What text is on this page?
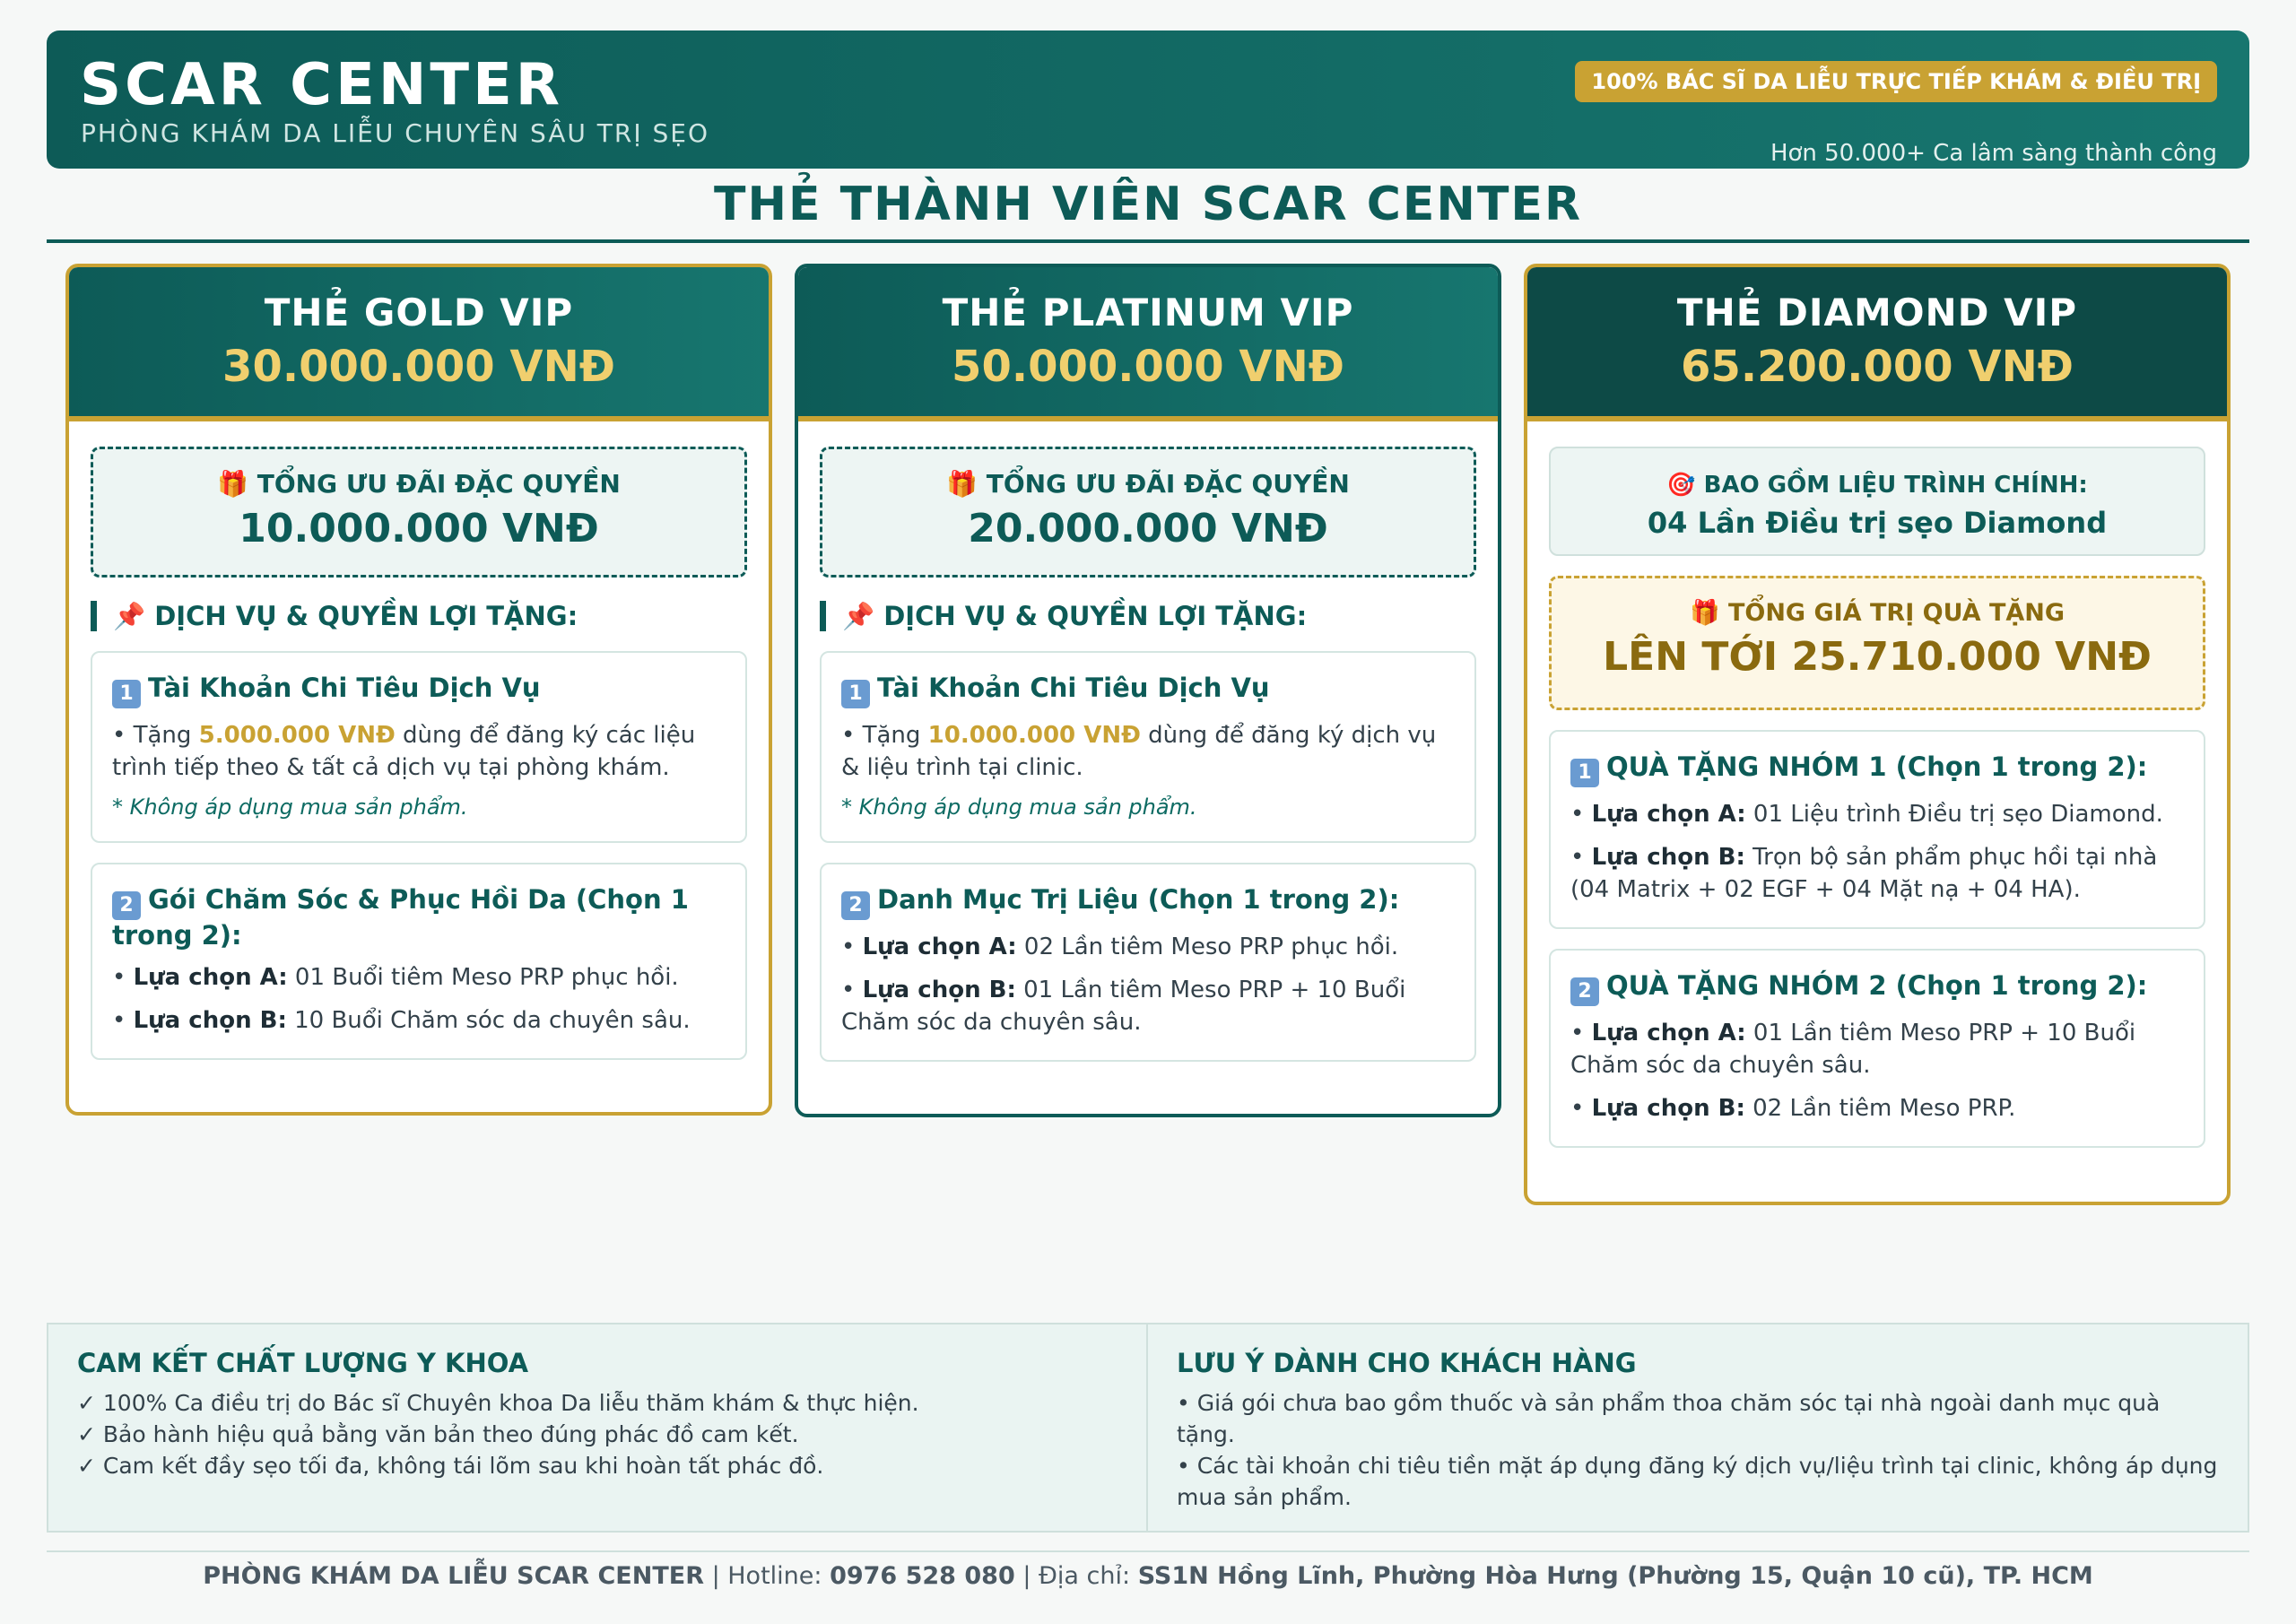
SCAR CENTER
PHÒNG KHÁM DA LIỄU CHUYÊN SÂU TRỊ SẸO
100% BÁC SĨ DA LIỄU TRỰC TIẾP KHÁM & ĐIỀU TRỊ
Hơn 50.000+ Ca lâm sàng thành công
THẺ THÀNH VIÊN SCAR CENTER
THẺ GOLD VIP
30.000.000 VNĐ
🎁 TỔNG ƯU ĐÃI ĐẶC QUYỀN
10.000.000 VNĐ
📌 DỊCH VỤ & QUYỀN LỢI TẶNG:
1 Tài Khoản Chi Tiêu Dịch Vụ
• Tặng 5.000.000 VNĐ dùng để đăng ký các liệu trình tiếp theo & tất cả dịch vụ tại phòng khám.
* Không áp dụng mua sản phẩm.
2 Gói Chăm Sóc & Phục Hồi Da (Chọn 1 trong 2):
• Lựa chọn A: 01 Buổi tiêm Meso PRP phục hồi.
• Lựa chọn B: 10 Buổi Chăm sóc da chuyên sâu.
THẺ PLATINUM VIP
50.000.000 VNĐ
🎁 TỔNG ƯU ĐÃI ĐẶC QUYỀN
20.000.000 VNĐ
📌 DỊCH VỤ & QUYỀN LỢI TẶNG:
1 Tài Khoản Chi Tiêu Dịch Vụ
• Tặng 10.000.000 VNĐ dùng để đăng ký dịch vụ & liệu trình tại clinic.
* Không áp dụng mua sản phẩm.
2 Danh Mục Trị Liệu (Chọn 1 trong 2):
• Lựa chọn A: 02 Lần tiêm Meso PRP phục hồi.
• Lựa chọn B: 01 Lần tiêm Meso PRP + 10 Buổi Chăm sóc da chuyên sâu.
THẺ DIAMOND VIP
65.200.000 VNĐ
🎯 BAO GỒM LIỆU TRÌNH CHÍNH:
04 Lần Điều trị sẹo Diamond
🎁 TỔNG GIÁ TRỊ QUÀ TẶNG
LÊN TỚI 25.710.000 VNĐ
1 QUÀ TẶNG NHÓM 1 (Chọn 1 trong 2):
• Lựa chọn A: 01 Liệu trình Điều trị sẹo Diamond.
• Lựa chọn B: Trọn bộ sản phẩm phục hồi tại nhà (04 Matrix + 02 EGF + 04 Mặt nạ + 04 HA).
2 QUÀ TẶNG NHÓM 2 (Chọn 1 trong 2):
• Lựa chọn A: 01 Lần tiêm Meso PRP + 10 Buổi Chăm sóc da chuyên sâu.
• Lựa chọn B: 02 Lần tiêm Meso PRP.
CAM KẾT CHẤT LƯỢNG Y KHOA
✓ 100% Ca điều trị do Bác sĩ Chuyên khoa Da liễu thăm khám & thực hiện.
✓ Bảo hành hiệu quả bằng văn bản theo đúng phác đồ cam kết.
✓ Cam kết đầy sẹo tối đa, không tái lõm sau khi hoàn tất phác đồ.
LƯU Ý DÀNH CHO KHÁCH HÀNG
• Giá gói chưa bao gồm thuốc và sản phẩm thoa chăm sóc tại nhà ngoài danh mục quà tặng.
• Các tài khoản chi tiêu tiền mặt áp dụng đăng ký dịch vụ/liệu trình tại clinic, không áp dụng mua sản phẩm.
PHÒNG KHÁM DA LIỄU SCAR CENTER | Hotline: 0976 528 080 | Địa chỉ: SS1N Hồng Lĩnh, Phường Hòa Hưng (Phường 15, Quận 10 cũ), TP. HCM
